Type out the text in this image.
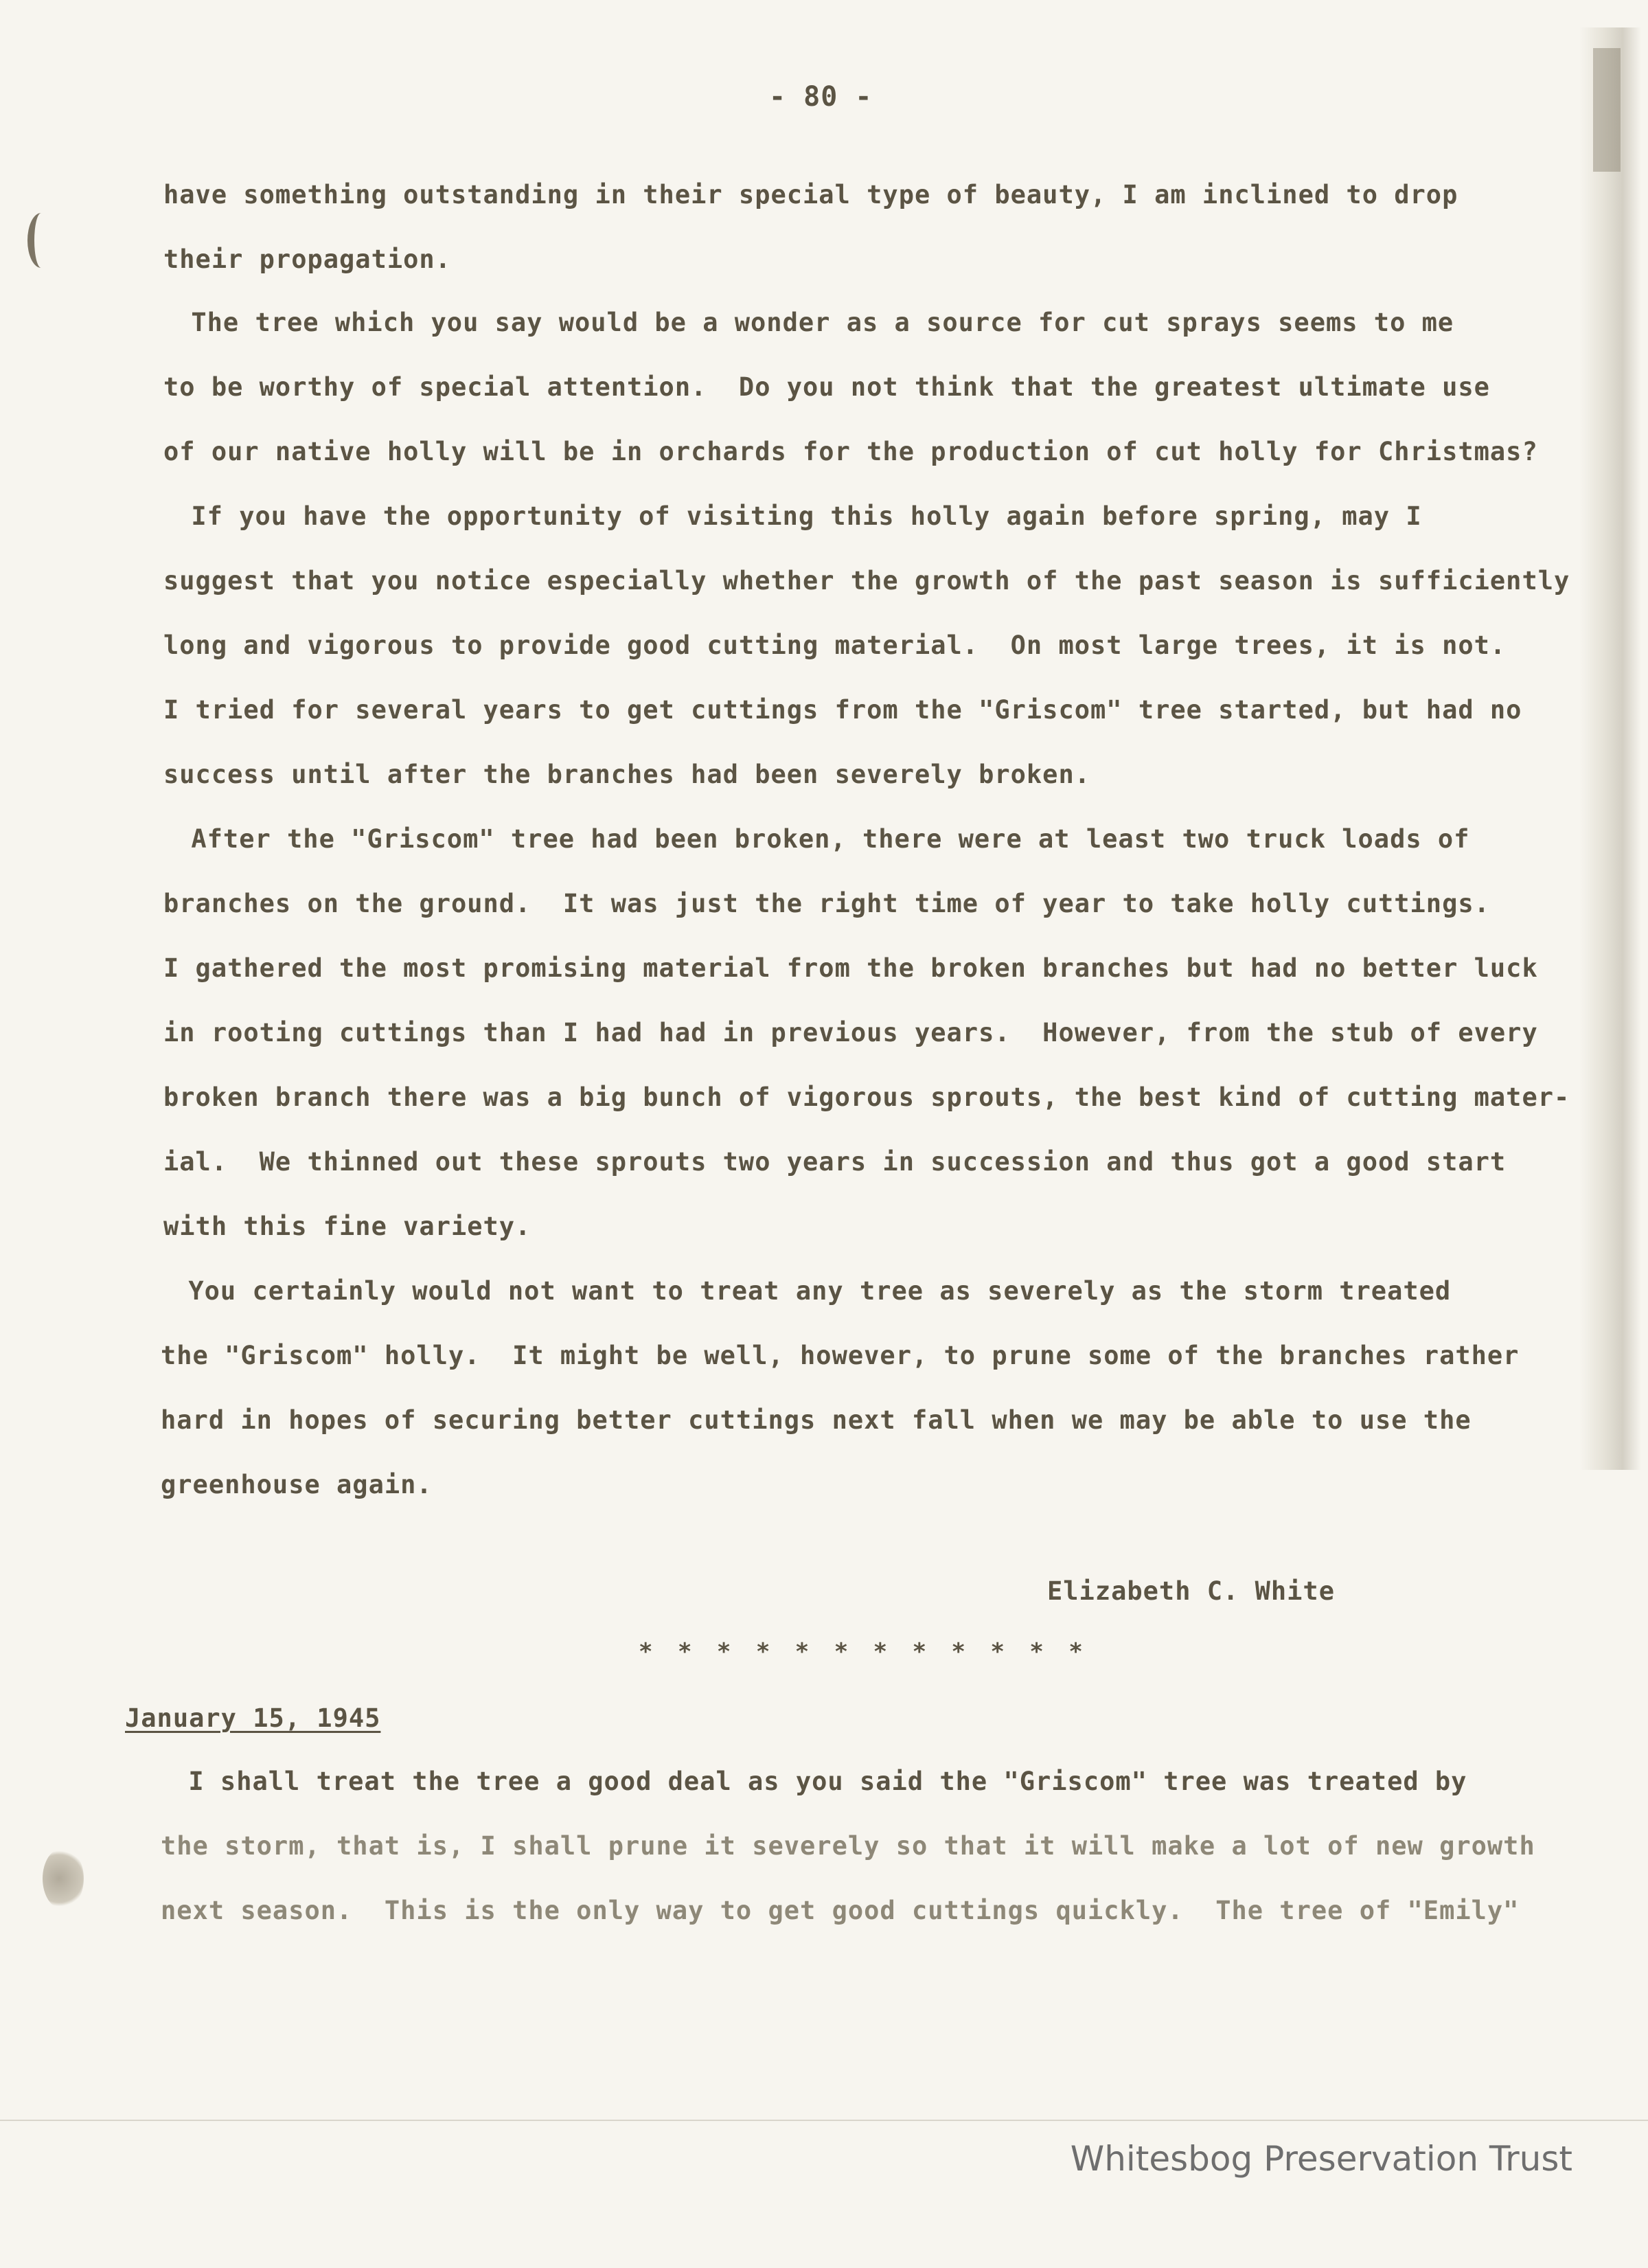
- 80 -
have something outstanding in their special type of beauty, I am inclined to drop
their propagation.
The tree which you say would be a wonder as a source for cut sprays seems to me
to be worthy of special attention.  Do you not think that the greatest ultimate use
of our native holly will be in orchards for the production of cut holly for Christmas?
If you have the opportunity of visiting this holly again before spring, may I
suggest that you notice especially whether the growth of the past season is sufficiently
long and vigorous to provide good cutting material.  On most large trees, it is not.
I tried for several years to get cuttings from the "Griscom" tree started, but had no
success until after the branches had been severely broken.
After the "Griscom" tree had been broken, there were at least two truck loads of
branches on the ground.  It was just the right time of year to take holly cuttings.
I gathered the most promising material from the broken branches but had no better luck
in rooting cuttings than I had had in previous years.  However, from the stub of every
broken branch there was a big bunch of vigorous sprouts, the best kind of cutting mater-
ial.  We thinned out these sprouts two years in succession and thus got a good start
with this fine variety.
You certainly would not want to treat any tree as severely as the storm treated
the "Griscom" holly.  It might be well, however, to prune some of the branches rather
hard in hopes of securing better cuttings next fall when we may be able to use the
greenhouse again.
Elizabeth C. White
* * * * * * * * * * * *
January 15, 1945
I shall treat the tree a good deal as you said the "Griscom" tree was treated by
the storm, that is, I shall prune it severely so that it will make a lot of new growth
next season.  This is the only way to get good cuttings quickly.  The tree of "Emily"
Whitesbog Preservation Trust
